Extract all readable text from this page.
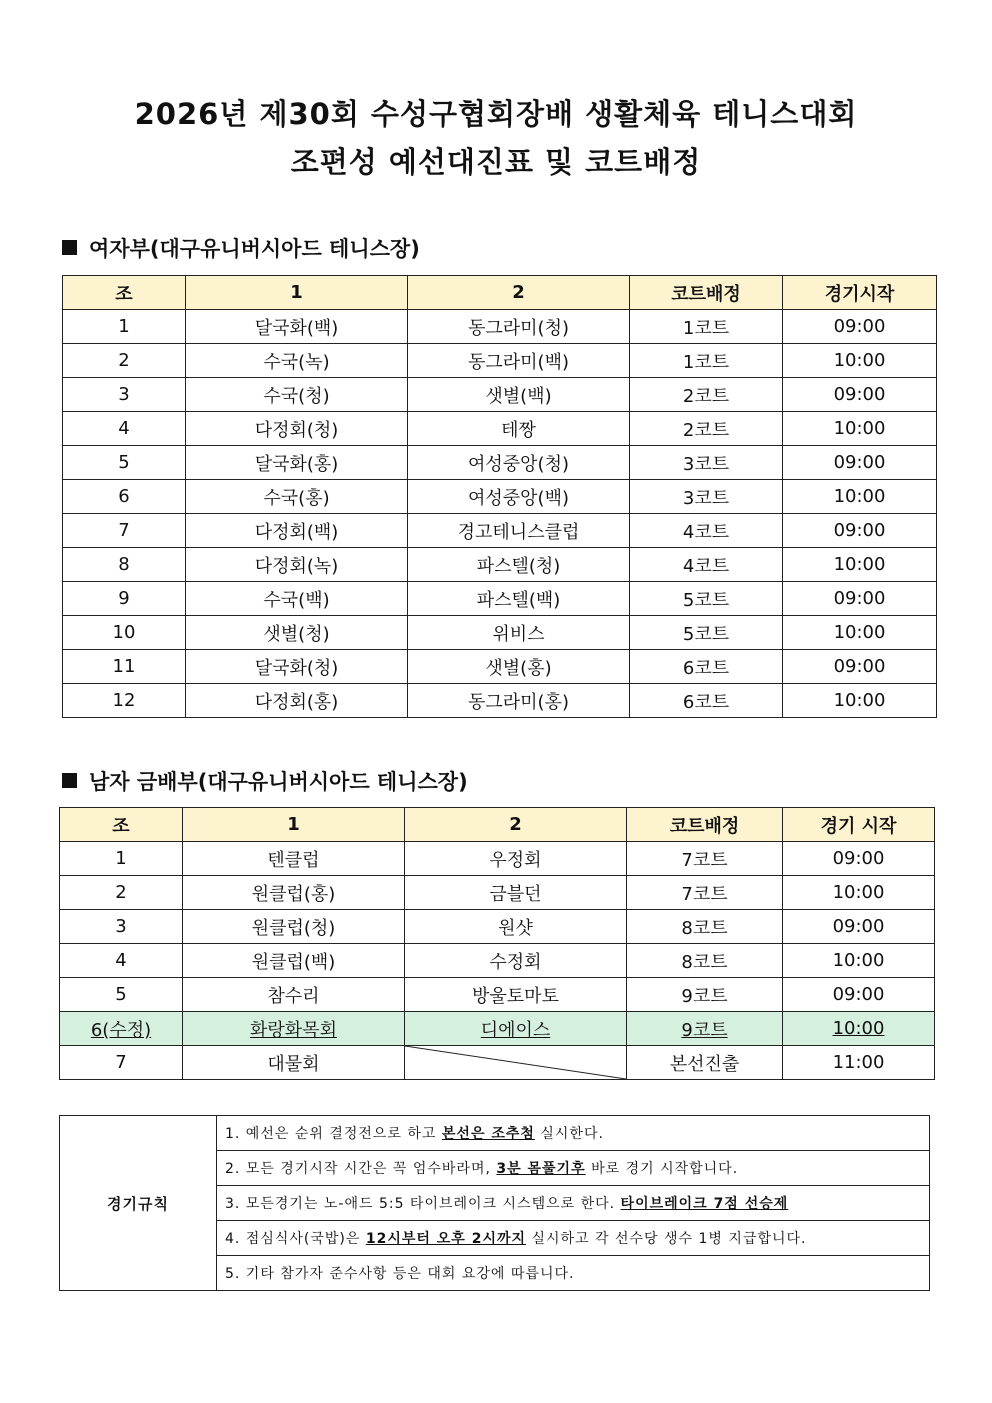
2026년 제30회 수성구협회장배 생활체육 테니스대회
조편성 예선대진표 및 코트배정
여자부(대구유니버시아드 테니스장)
조	1	2	코트배정	경기시작
1	달국화(백)	동그라미(청)	1코트	09:00
2	수국(녹)	동그라미(백)	1코트	10:00
3	수국(청)	샛별(백)	2코트	09:00
4	다정회(청)	테짱	2코트	10:00
5	달국화(홍)	여성중앙(청)	3코트	09:00
6	수국(홍)	여성중앙(백)	3코트	10:00
7	다정회(백)	경고테니스클럽	4코트	09:00
8	다정회(녹)	파스텔(청)	4코트	10:00
9	수국(백)	파스텔(백)	5코트	09:00
10	샛별(청)	위비스	5코트	10:00
11	달국화(청)	샛별(홍)	6코트	09:00
12	다정회(홍)	동그라미(홍)	6코트	10:00
남자 금배부(대구유니버시아드 테니스장)
조	1	2	코트배정	경기 시작
1	텐클럽	우정회	7코트	09:00
2	원클럽(홍)	금블던	7코트	10:00
3	원클럽(청)	원샷	8코트	09:00
4	원클럽(백)	수정회	8코트	10:00
5	참수리	방울토마토	9코트	09:00
6(수정)	화랑화목회	디에이스	9코트	10:00
7	대물회		본선진출	11:00
경기규칙	1. 예선은 순위 결정전으로 하고 본선은 조추첨 실시한다.
2. 모든 경기시작 시간은 꼭 엄수바라며, 3분 몸풀기후 바로 경기 시작합니다.
3. 모든경기는 노-애드 5:5 타이브레이크 시스템으로 한다. 타이브레이크 7점 선승제
4. 점심식사(국밥)은 12시부터 오후 2시까지 실시하고 각 선수당 생수 1병 지급합니다.
5. 기타 참가자 준수사항 등은 대회 요강에 따릅니다.
